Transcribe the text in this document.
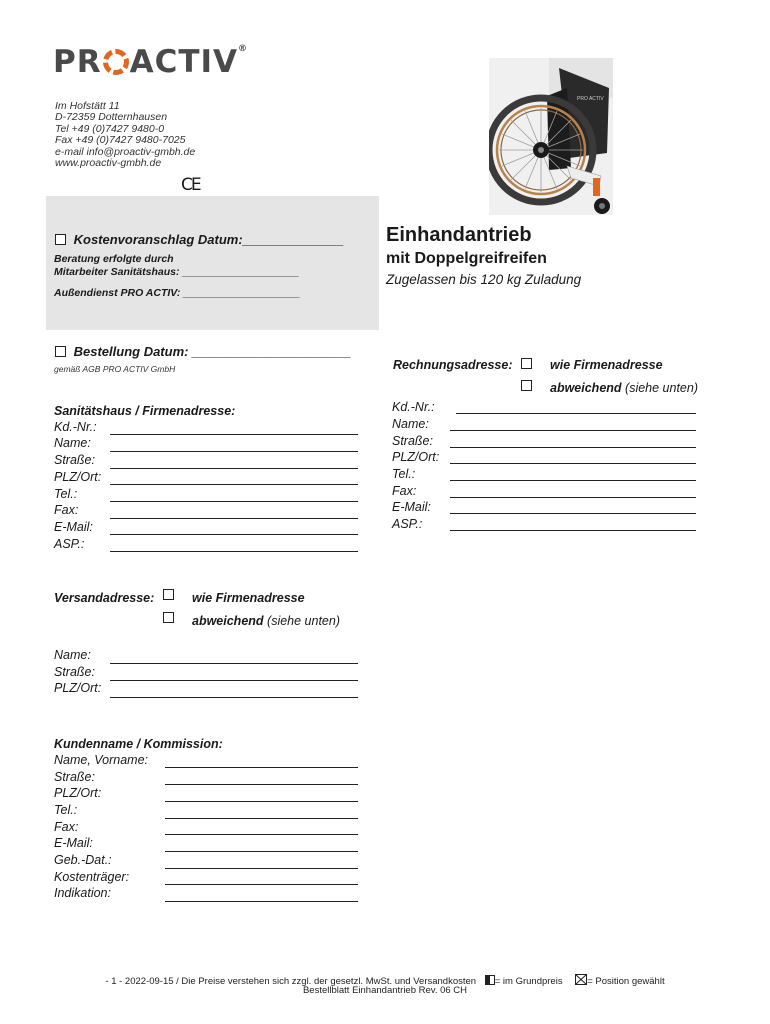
PR ACTIV®
Im Hofstätt 11
D-72359 Dotternhausen
Tel +49 (0)7427 9480-0
Fax +49 (0)7427 9480-7025
e-mail info@proactiv-gmbh.de
www.proactiv-gmbh.de
CE
PRO ACTIV
Kostenvoranschlag Datum:______________
Beratung erfolgte durch
Mitarbeiter Sanitätshaus: ____________________
Außendienst PRO ACTIV: ____________________
Bestellung Datum: ______________________
gemäß AGB PRO ACTIV GmbH
Einhandantrieb
mit Doppelgreifreifen
Zugelassen bis 120 kg Zuladung
Rechnungsadresse:	wie Firmenadresse
abweichend (siehe unten)
Kd.-Nr.:
Name:
Straße:
PLZ/Ort:
Tel.:
Fax:
E-Mail:
ASP.:
Sanitätshaus / Firmenadresse:
Kd.-Nr.:
Name:
Straße:
PLZ/Ort:
Tel.:
Fax:
E-Mail:
ASP.:
Versandadresse:	wie Firmenadresse
abweichend (siehe unten)
Name:
Straße:
PLZ/Ort:
Kundenname / Kommission:
Name, Vorname:
Straße:
PLZ/Ort:
Tel.:
Fax:
E-Mail:
Geb.-Dat.:
Kostenträger:
Indikation:
- 1 - 2022-09-15 / Die Preise verstehen sich zzgl. der gesetzl. MwSt. und Versandkosten = im Grundpreis	= Position gewählt
Bestellblatt Einhandantrieb Rev. 06 CH
